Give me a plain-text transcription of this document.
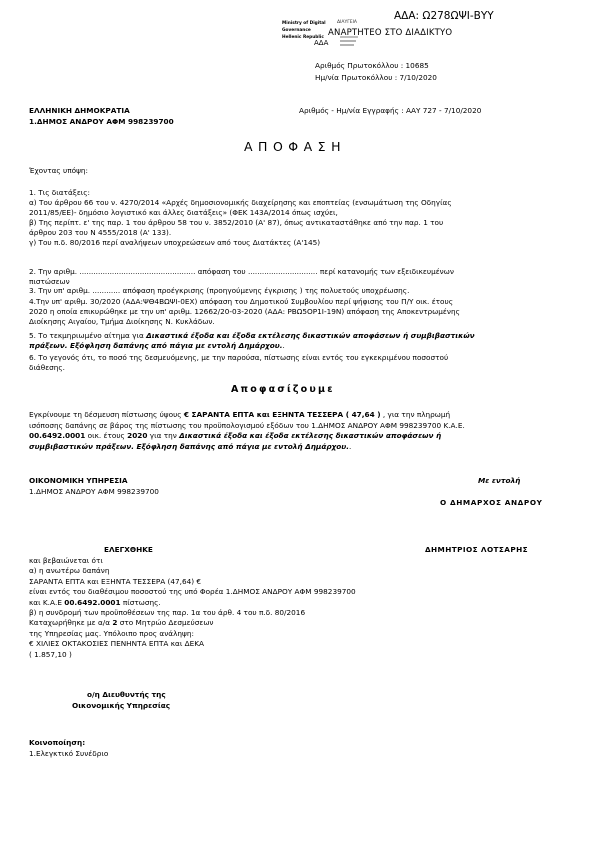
ΑΔΑ: Ω278ΩΨΙ-ΒΥΥ
Ministry of Digital
Governance
Hellenic Republic
ΔΙΑΥΓΕΙΑ
ΑΝΑΡΤΗΤΕΟ ΣΤΟ ΔΙΑΔΙΚΤΥΟ
ΑΔΑ
Αριθμός Πρωτοκόλλου : 10685
Ημ/νία Πρωτοκόλλου : 7/10/2020
ΕΛΛΗΝΙΚΗ ΔΗΜΟΚΡΑΤΙΑ
1.ΔΗΜΟΣ ΑΝΔΡΟΥ ΑΦΜ 998239700
Αριθμός - Ημ/νία Εγγραφής : ΑΑΥ 727 - 7/10/2020
ΑΠΟΦΑΣΗ
Έχοντας υπόψη:
1. Τις διατάξεις:
α) Του άρθρου 66 του ν. 4270/2014 «Αρχές δημοσιονομικής διαχείρησης και εποπτείας (ενσωμάτωση της Οδηγίας
2011/85/ΕΕ)- δημόσιο λογιστικό και άλλες διατάξεις» (ΦΕΚ 143Α/2014 όπως ισχύει,
β) Της περίπτ. ε' της παρ. 1 του άρθρου 58 του ν. 3852/2010 (Α' 87), όπως αντικαταστάθηκε από την παρ. 1 του
άρθρου 203 του Ν 4555/2018 (Α' 133).
γ) Του π.δ. 80/2016 περί αναλήψεων υποχρεώσεων από τους Διατάκτες (Α'145)
2. Την αριθμ. .................................................. απόφαση του .............................. περί κατανομής των εξειδικευμένων
πιστώσεων
3. Την υπ' αριθμ. ............ απόφαση προέγκρισης (προηγούμενης έγκρισης ) της πολυετούς υποχρέωσης.
4.Την υπ' αριθμ. 30/2020 (ΑΔΑ:ΨΘ4ΒΩΨΙ-0ΕΧ) απόφαση του Δημοτικού Συμβουλίου περί ψήφισης του Π/Υ οικ. έτους
2020 η οποία επικυρώθηκε με την υπ' αριθμ. 12662/20-03-2020 (ΑΔΑ: ΡΒΩ5ΟΡ1Ι-19Ν) απόφαση της Αποκεντρωμένης
Διοίκησης Αιγαίου, Τμήμα Διοίκησης Ν. Κυκλάδων.
5. Το τεκμηριωμένο αίτημα για Δικαστικά έξοδα και έξοδα εκτέλεσης δικαστικών αποφάσεων ή συμβιβαστικών
πράξεων. Εξόφληση δαπάνης από πάγια με εντολή Δημάρχου..
6. Το γεγονός ότι, το ποσό της δεσμευόμενης, με την παρούσα, πίστωσης είναι εντός του εγκεκριμένου ποσοστού
διάθεσης.
Αποφασίζουμε
Εγκρίνουμε τη δέσμευση πίστωσης ύψους € ΣΑΡΑΝΤΑ ΕΠΤΑ και ΕΞΗΝΤΑ ΤΕΣΣΕΡΑ ( 47,64 ) , για την πληρωμή
ισόποσης δαπάνης σε βάρος της πίστωσης του προϋπολογισμού εξόδων του 1.ΔΗΜΟΣ ΑΝΔΡΟΥ ΑΦΜ 998239700 Κ.Α.Ε.
00.6492.0001 οικ. έτους 2020 για την Δικαστικά έξοδα και έξοδα εκτέλεσης δικαστικών αποφάσεων ή
συμβιβαστικών πράξεων. Εξόφληση δαπάνης από πάγια με εντολή Δημάρχου..
ΟΙΚΟΝΟΜΙΚΗ ΥΠΗΡΕΣΙΑ
1.ΔΗΜΟΣ ΑΝΔΡΟΥ ΑΦΜ 998239700
Με εντολή
Ο ΔΗΜΑΡΧΟΣ ΑΝΔΡΟΥ
ΕΛΕΓΧΘΗΚΕ	ΔΗΜΗΤΡΙΟΣ ΛΟΤΣΑΡΗΣ
και βεβαιώνεται ότι
α) η ανωτέρω δαπάνη
ΣΑΡΑΝΤΑ ΕΠΤΑ και ΕΞΗΝΤΑ ΤΕΣΣΕΡΑ (47,64) €
είναι εντός του διαθέσιμου ποσοστού της υπό Φορέα 1.ΔΗΜΟΣ ΑΝΔΡΟΥ ΑΦΜ 998239700
και Κ.Α.Ε 00.6492.0001 πίστωσης.
β) η συνδρομή των προϋποθέσεων της παρ. 1α του άρθ. 4 του π.δ. 80/2016
Καταχωρήθηκε με α/α 2 στο Μητρώο Δεσμεύσεων
της Υπηρεσίας μας. Υπόλοιπο προς ανάληψη:
€ ΧΙΛΙΕΣ ΟΚΤΑΚΟΣΙΕΣ ΠΕΝΗΝΤΑ ΕΠΤΑ και ΔΕΚΑ
( 1.857,10 )
ο/η Διευθυντής της
Οικονομικής Υπηρεσίας
Κοινοποίηση:
1.Ελεγκτικό Συνέδριο
